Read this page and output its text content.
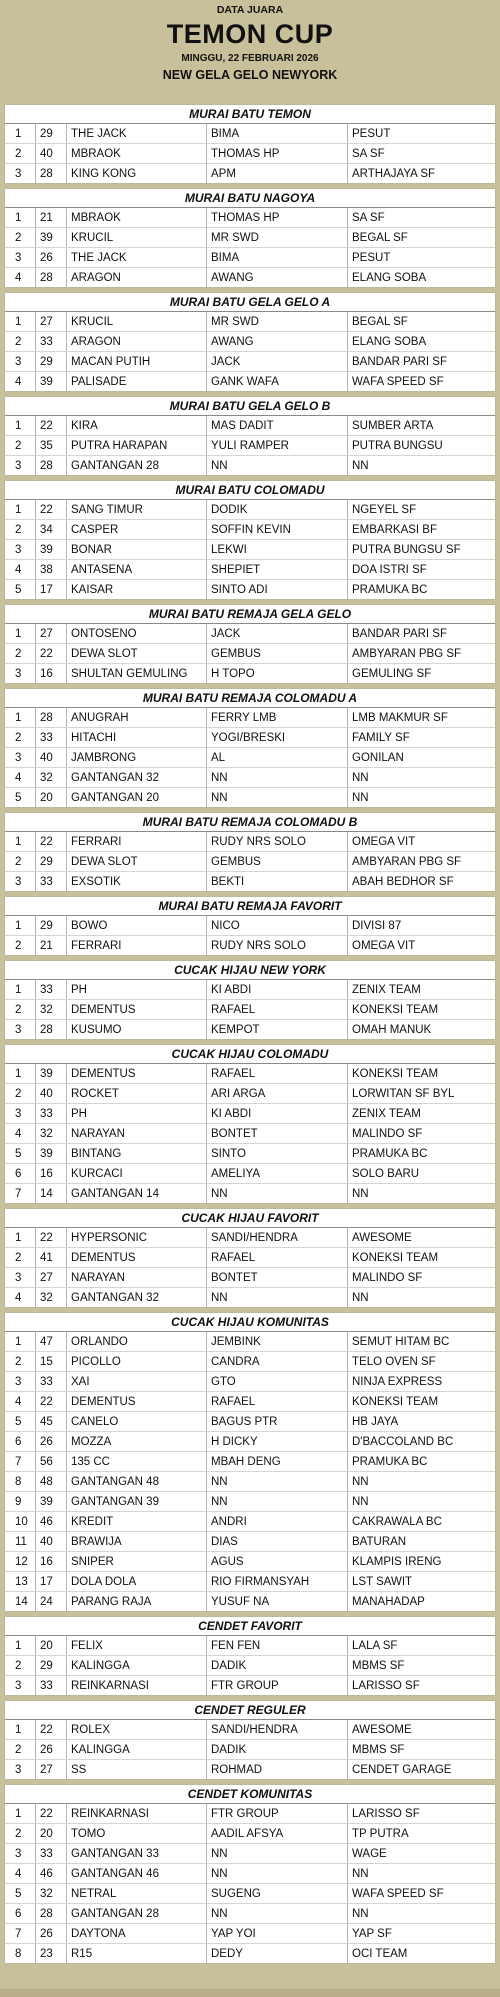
DATA JUARA
TEMON CUP
MINGGU, 22 FEBRUARI 2026
NEW GELA GELO NEWYORK
MURAI BATU TEMON
1	29	THE JACK	BIMA	PESUT
2	40	MBRAOK	THOMAS HP	SA SF
3	28	KING KONG	APM	ARTHAJAYA SF
MURAI BATU NAGOYA
1	21	MBRAOK	THOMAS HP	SA SF
2	39	KRUCIL	MR SWD	BEGAL SF
3	26	THE JACK	BIMA	PESUT
4	28	ARAGON	AWANG	ELANG SOBA
MURAI BATU GELA GELO A
1	27	KRUCIL	MR SWD	BEGAL SF
2	33	ARAGON	AWANG	ELANG SOBA
3	29	MACAN PUTIH	JACK	BANDAR PARI SF
4	39	PALISADE	GANK WAFA	WAFA SPEED SF
MURAI BATU GELA GELO B
1	22	KIRA	MAS DADIT	SUMBER ARTA
2	35	PUTRA HARAPAN	YULI RAMPER	PUTRA BUNGSU
3	28	GANTANGAN 28	NN	NN
MURAI BATU COLOMADU
1	22	SANG TIMUR	DODIK	NGEYEL SF
2	34	CASPER	SOFFIN KEVIN	EMBARKASI BF
3	39	BONAR	LEKWI	PUTRA BUNGSU SF
4	38	ANTASENA	SHEPIET	DOA ISTRI SF
5	17	KAISAR	SINTO ADI	PRAMUKA BC
MURAI BATU REMAJA GELA GELO
1	27	ONTOSENO	JACK	BANDAR PARI SF
2	22	DEWA SLOT	GEMBUS	AMBYARAN PBG SF
3	16	SHULTAN GEMULING	H TOPO	GEMULING SF
MURAI BATU REMAJA COLOMADU A
1	28	ANUGRAH	FERRY LMB	LMB MAKMUR SF
2	33	HITACHI	YOGI/BRESKI	FAMILY SF
3	40	JAMBRONG	AL	GONILAN
4	32	GANTANGAN 32	NN	NN
5	20	GANTANGAN 20	NN	NN
MURAI BATU REMAJA COLOMADU B
1	22	FERRARI	RUDY NRS SOLO	OMEGA VIT
2	29	DEWA SLOT	GEMBUS	AMBYARAN PBG SF
3	33	EXSOTIK	BEKTI	ABAH BEDHOR SF
MURAI BATU REMAJA FAVORIT
1	29	BOWO	NICO	DIVISI 87
2	21	FERRARI	RUDY NRS SOLO	OMEGA VIT
CUCAK HIJAU NEW YORK
1	33	PH	KI ABDI	ZENIX TEAM
2	32	DEMENTUS	RAFAEL	KONEKSI TEAM
3	28	KUSUMO	KEMPOT	OMAH MANUK
CUCAK HIJAU COLOMADU
1	39	DEMENTUS	RAFAEL	KONEKSI TEAM
2	40	ROCKET	ARI ARGA	LORWITAN SF BYL
3	33	PH	KI ABDI	ZENIX TEAM
4	32	NARAYAN	BONTET	MALINDO SF
5	39	BINTANG	SINTO	PRAMUKA BC
6	16	KURCACI	AMELIYA	SOLO BARU
7	14	GANTANGAN 14	NN	NN
CUCAK HIJAU FAVORIT
1	22	HYPERSONIC	SANDI/HENDRA	AWESOME
2	41	DEMENTUS	RAFAEL	KONEKSI TEAM
3	27	NARAYAN	BONTET	MALINDO SF
4	32	GANTANGAN 32	NN	NN
CUCAK HIJAU KOMUNITAS
1	47	ORLANDO	JEMBINK	SEMUT HITAM BC
2	15	PICOLLO	CANDRA	TELO OVEN SF
3	33	XAI	GTO	NINJA EXPRESS
4	22	DEMENTUS	RAFAEL	KONEKSI TEAM
5	45	CANELO	BAGUS PTR	HB JAYA
6	26	MOZZA	H DICKY	D'BACCOLAND BC
7	56	135 CC	MBAH DENG	PRAMUKA BC
8	48	GANTANGAN 48	NN	NN
9	39	GANTANGAN 39	NN	NN
10	46	KREDIT	ANDRI	CAKRAWALA BC
11	40	BRAWIJA	DIAS	BATURAN
12	16	SNIPER	AGUS	KLAMPIS IRENG
13	17	DOLA DOLA	RIO FIRMANSYAH	LST SAWIT
14	24	PARANG RAJA	YUSUF NA	MANAHADAP
CENDET FAVORIT
1	20	FELIX	FEN FEN	LALA SF
2	29	KALINGGA	DADIK	MBMS SF
3	33	REINKARNASI	FTR GROUP	LARISSO SF
CENDET REGULER
1	22	ROLEX	SANDI/HENDRA	AWESOME
2	26	KALINGGA	DADIK	MBMS SF
3	27	SS	ROHMAD	CENDET GARAGE
CENDET KOMUNITAS
1	22	REINKARNASI	FTR GROUP	LARISSO SF
2	20	TOMO	AADIL AFSYA	TP PUTRA
3	33	GANTANGAN 33	NN	WAGE
4	46	GANTANGAN 46	NN	NN
5	32	NETRAL	SUGENG	WAFA SPEED SF
6	28	GANTANGAN 28	NN	NN
7	26	DAYTONA	YAP YOI	YAP SF
8	23	R15	DEDY	OCI TEAM
